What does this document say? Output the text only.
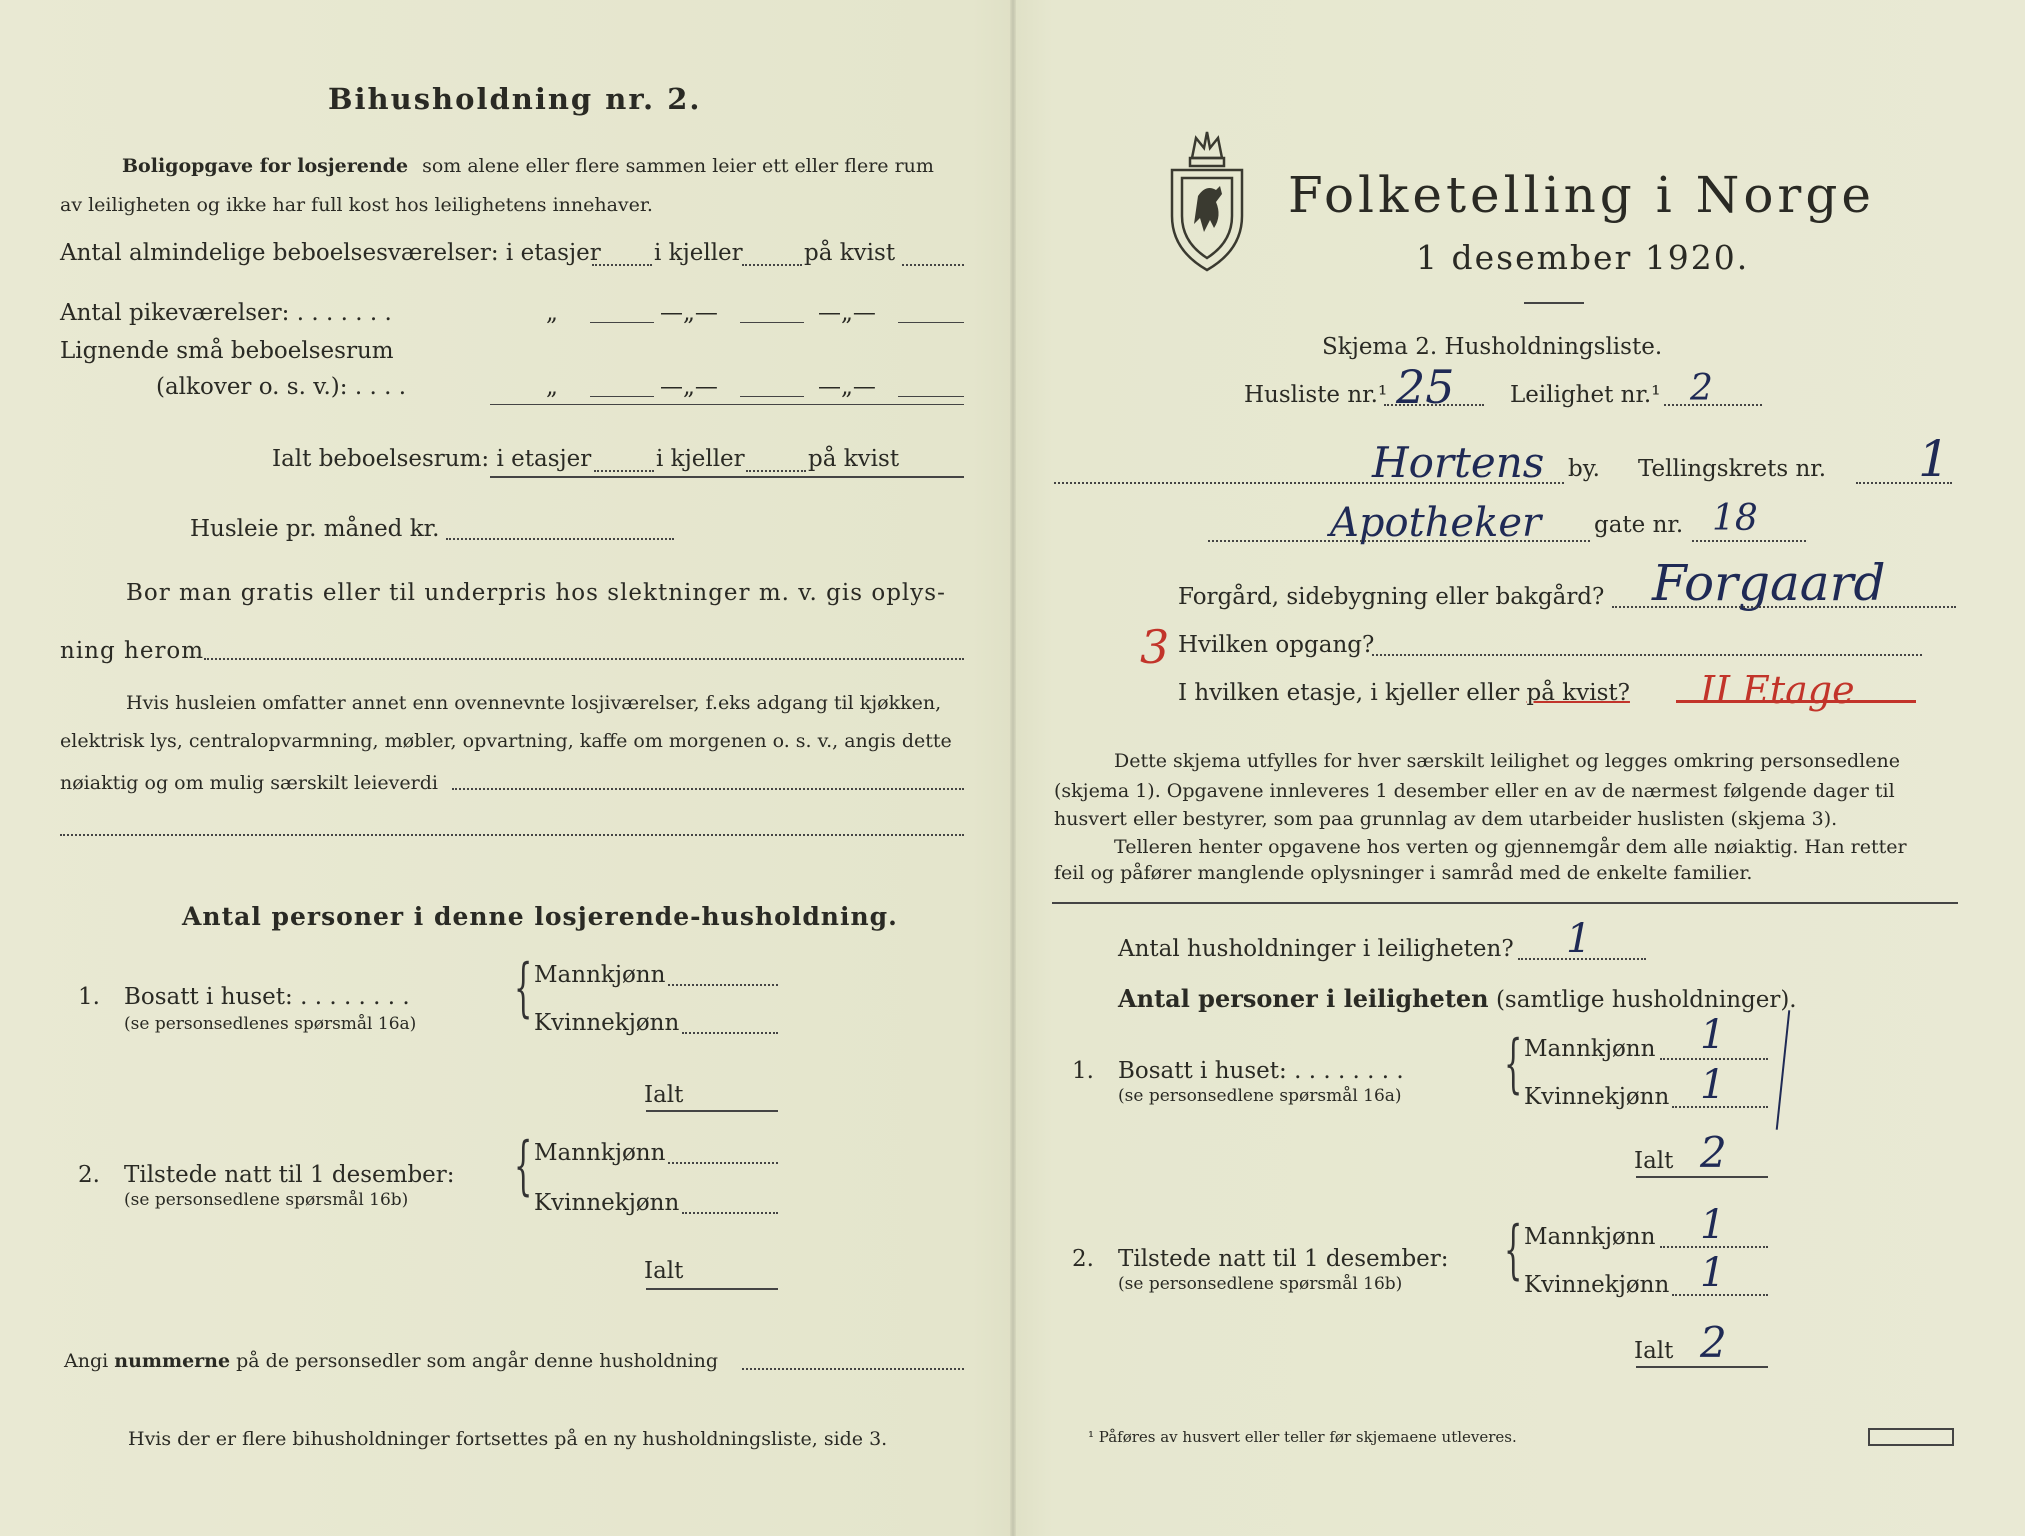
Bihusholdning nr. 2.
Boligopgave for losjerende som alene eller flere sammen leier ett eller flere rum
av leiligheten og ikke har full kost hos leilighetens innehaver.
Antal almindelige beboelsesværelser: i etasjer i kjeller	på kvist
Antal pikeværelser: . . . . . . .	„	—„—	—„—
Lignende små beboelsesrum
(alkover o. s. v.): . . . .	„	—„—	—„—
Ialt beboelsesrum: i etasjer	i kjeller	på kvist
Husleie pr. måned kr.
Bor man gratis eller til underpris hos slektninger m. v. gis oplys-
ning herom
Hvis husleien omfatter annet enn ovennevnte losjiværelser, f.eks adgang til kjøkken,
elektrisk lys, centralopvarmning, møbler, opvartning, kaffe om morgenen o. s. v., angis dette
nøiaktig og om mulig særskilt leieverdi
Antal personer i denne losjerende-husholdning.
1. Bosatt i huset: . . . . . . . .
(se personsedlenes spørsmål 16a) { Mannkjønn
Kvinnekjønn
Ialt
2. Tilstede natt til 1 desember:
(se personsedlene spørsmål 16b) { Mannkjønn
Kvinnekjønn
Ialt
Angi nummerne på de personsedler som angår denne husholdning
Hvis der er flere bihusholdninger fortsettes på en ny husholdningsliste, side 3.
Folketelling i Norge
1 desember 1920.
Skjema 2. Husholdningsliste.
Husliste nr.¹ 25 Leilighet nr.¹ 2
Hortens by. Tellingskrets nr. 1
Apotheker gate nr. 18
Forgård, sidebygning eller bakgård? Forgaard
3 Hvilken opgang?
I hvilken etasje, i kjeller eller på kvist? II Etage
Dette skjema utfylles for hver særskilt leilighet og legges omkring personsedlene
(skjema 1). Opgavene innleveres 1 desember eller en av de nærmest følgende dager til
husvert eller bestyrer, som paa grunnlag av dem utarbeider huslisten (skjema 3).
Telleren henter opgavene hos verten og gjennemgår dem alle nøiaktig. Han retter
feil og påfører manglende oplysninger i samråd med de enkelte familier.
Antal husholdninger i leiligheten? 1
Antal personer i leiligheten (samtlige husholdninger).
1. Bosatt i huset: . . . . . . . .
(se personsedlene spørsmål 16a) { Mannkjønn 1
Kvinnekjønn 1
Ialt 2
2. Tilstede natt til 1 desember:
(se personsedlene spørsmål 16b) { Mannkjønn 1
Kvinnekjønn 1
Ialt 2
¹ Påføres av husvert eller teller før skjemaene utleveres.
